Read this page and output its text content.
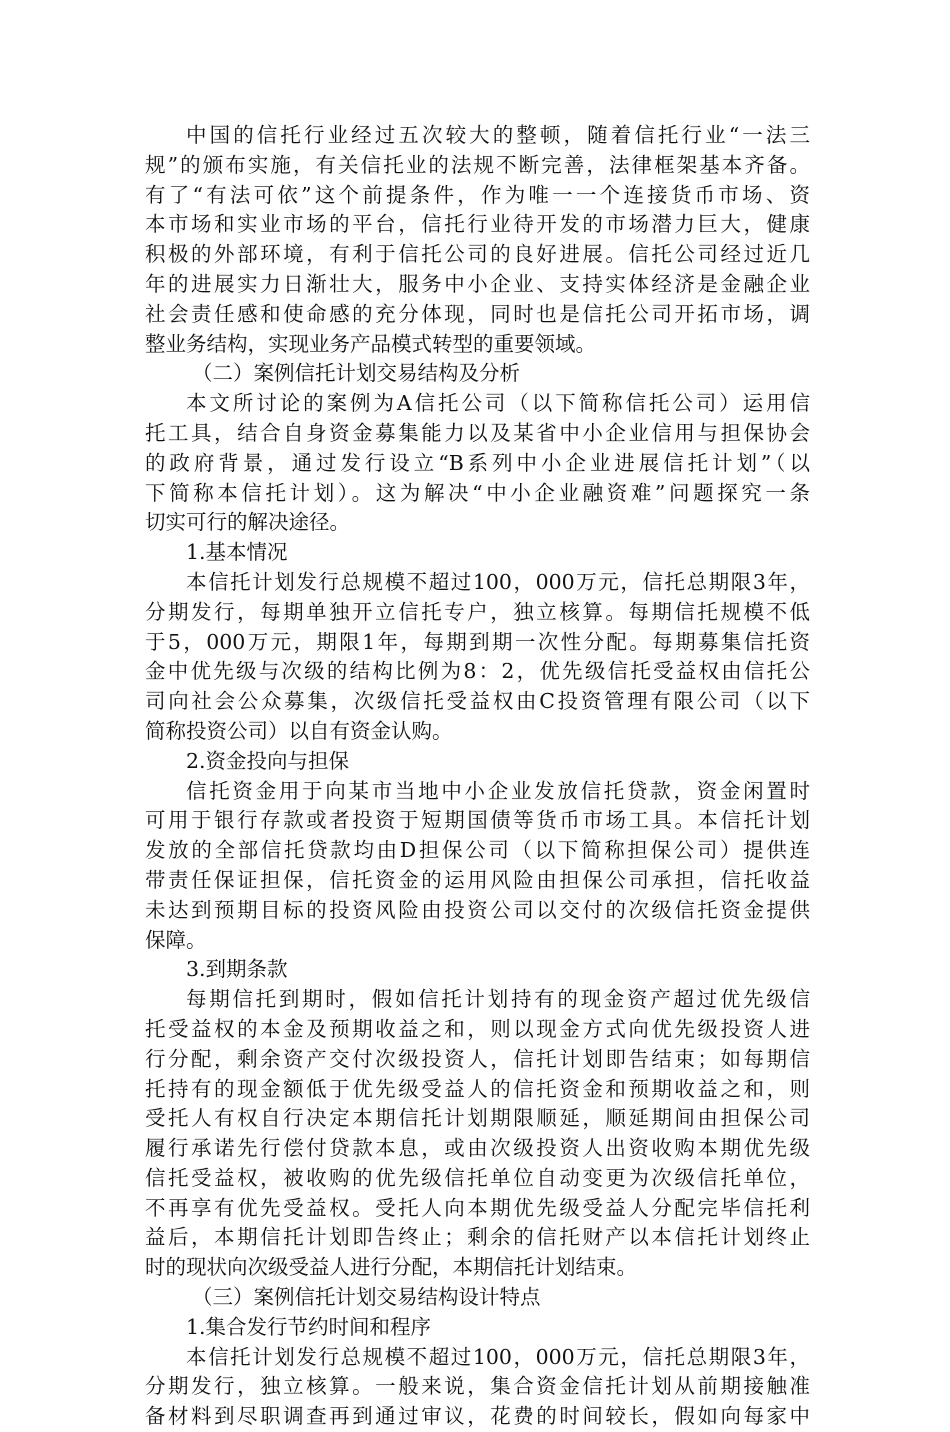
中国的信托行业经过五次较大的整顿，随着信托行业“一法三
规”的颁布实施，有关信托业的法规不断完善，法律框架基本齐备。
有了“有法可依”这个前提条件，作为唯一一个连接货币市场、资
本市场和实业市场的平台，信托行业待开发的市场潜力巨大，健康
积极的外部环境，有利于信托公司的良好进展。信托公司经过近几
年的进展实力日渐壮大，服务中小企业、支持实体经济是金融企业
社会责任感和使命感的充分体现，同时也是信托公司开拓市场，调
整业务结构，实现业务产品模式转型的重要领域。
（二）案例信托计划交易结构及分析
本文所讨论的案例为A信托公司（以下简称信托公司）运用信
托工具，结合自身资金募集能力以及某省中小企业信用与担保协会
的政府背景，通过发行设立“B系列中小企业进展信托计划”（以
下简称本信托计划）。这为解决“中小企业融资难”问题探究一条
切实可行的解决途径。
1.基本情况
本信托计划发行总规模不超过100，000万元，信托总期限3年，
分期发行，每期单独开立信托专户，独立核算。每期信托规模不低
于5，000万元，期限1年，每期到期一次性分配。每期募集信托资
金中优先级与次级的结构比例为8：2，优先级信托受益权由信托公
司向社会公众募集，次级信托受益权由C投资管理有限公司（以下
简称投资公司）以自有资金认购。
2.资金投向与担保
信托资金用于向某市当地中小企业发放信托贷款，资金闲置时
可用于银行存款或者投资于短期国债等货币市场工具。本信托计划
发放的全部信托贷款均由D担保公司（以下简称担保公司）提供连
带责任保证担保，信托资金的运用风险由担保公司承担，信托收益
未达到预期目标的投资风险由投资公司以交付的次级信托资金提供
保障。
3.到期条款
每期信托到期时，假如信托计划持有的现金资产超过优先级信
托受益权的本金及预期收益之和，则以现金方式向优先级投资人进
行分配，剩余资产交付次级投资人，信托计划即告结束；如每期信
托持有的现金额低于优先级受益人的信托资金和预期收益之和，则
受托人有权自行决定本期信托计划期限顺延，顺延期间由担保公司
履行承诺先行偿付贷款本息，或由次级投资人出资收购本期优先级
信托受益权，被收购的优先级信托单位自动变更为次级信托单位，
不再享有优先受益权。受托人向本期优先级受益人分配完毕信托利
益后，本期信托计划即告终止；剩余的信托财产以本信托计划终止
时的现状向次级受益人进行分配，本期信托计划结束。
（三）案例信托计划交易结构设计特点
1.集合发行节约时间和程序
本信托计划发行总规模不超过100，000万元，信托总期限3年，
分期发行，独立核算。一般来说，集合资金信托计划从前期接触准
备材料到尽职调查再到通过审议，花费的时间较长，假如向每家中
